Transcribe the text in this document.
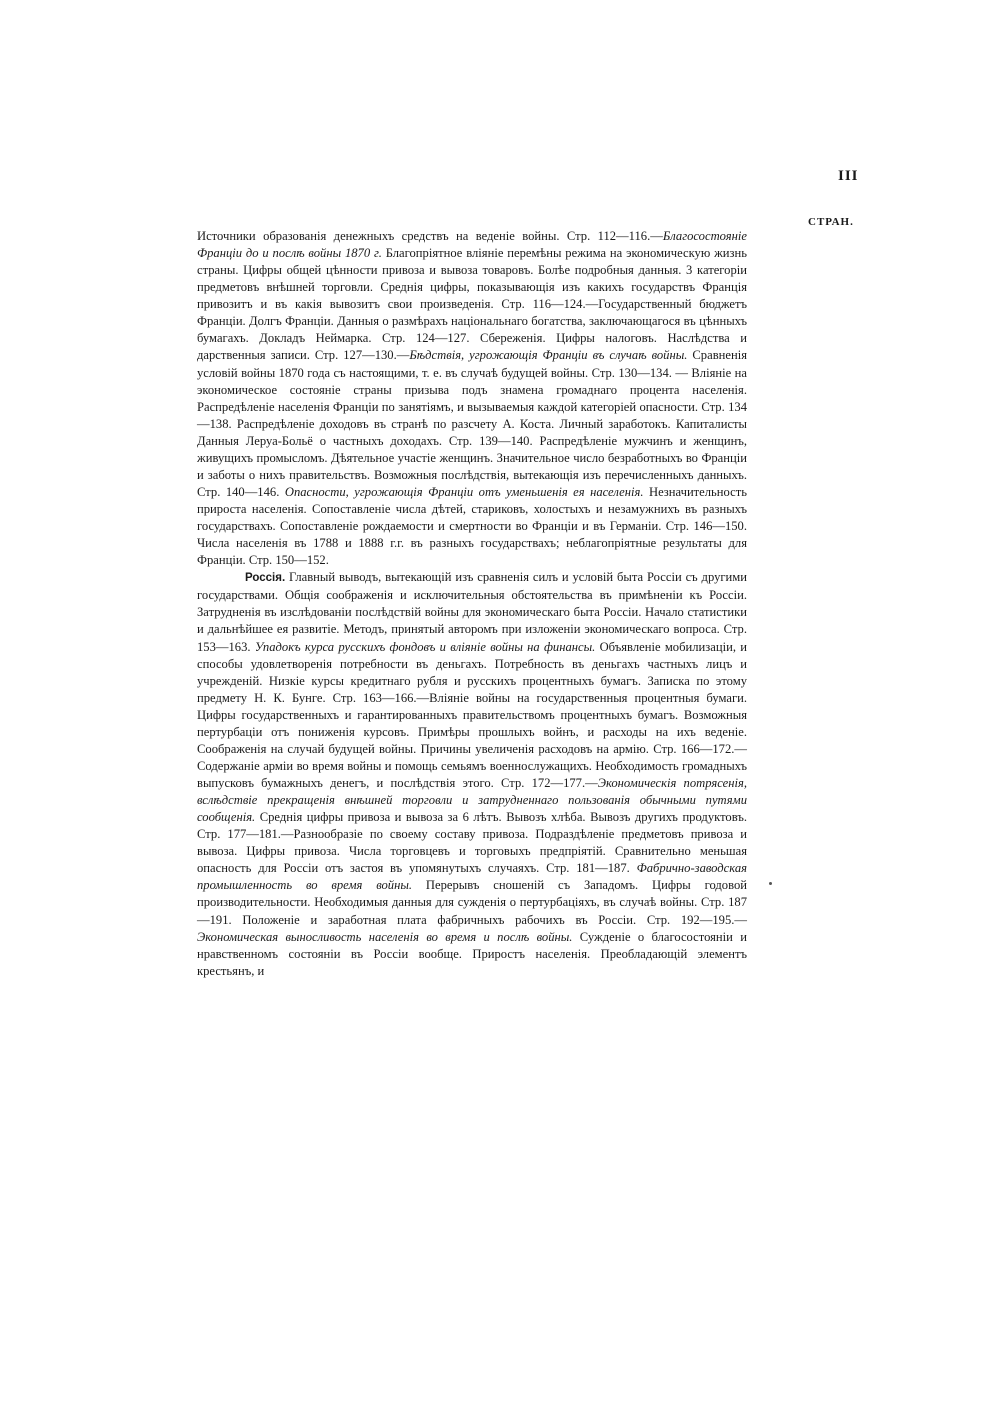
III
СТРАН.

Источники образованія денежныхъ средствъ на веденіе войны. Стр. 112—116.—Благосостояніе Франціи до и послѣ войны 1870 г. Благопріятное вліяніе перемѣны режима на экономическую жизнь страны. Цифры общей цѣнности привоза и вывоза товаровъ. Болѣе подробныя данныя. 3 категоріи предметовъ внѣшней торговли. Среднія цифры, показывающія изъ какихъ государствъ Франція привозитъ и въ какія вывозитъ свои произведенія. Стр. 116—124.—Государственный бюджетъ Франціи. Долгъ Франціи. Данныя о размѣрахъ національнаго богатства, заключающагося въ цѣнныхъ бумагахъ. Докладъ Неймарка. Стр. 124—127. Сбереженія. Цифры налоговъ. Наслѣдства и дарственныя записи. Стр. 127—130.—Бѣдствія, угрожающія Франціи въ случаѣ войны. Сравненія условій войны 1870 года съ настоящими, т. е. въ случаѣ будущей войны. Стр. 130—134. — Вліяніе на экономическое состояніе страны призыва подъ знамена громаднаго процента населенія. Распредѣленіе населенія Франціи по занятіямъ, и вызываемыя каждой категоріей опасности. Стр. 134—138. Распредѣленіе доходовъ въ странѣ по разсчету А. Коста. Личный заработокъ. Капиталисты Данныя Леруа-Больё о частныхъ доходахъ. Стр. 139—140. Распредѣленіе мужчинъ и женщинъ, живущихъ промысломъ. Дѣятельное участіе женщинъ. Значительное число безработныхъ во Франціи и заботы о нихъ правительствъ. Возможныя послѣдствія, вытекающія изъ перечисленныхъ данныхъ. Стр. 140—146. Опасности, угрожающія Франціи отъ уменьшенія ея населенія. Незначительность прироста населенія. Сопоставленіе числа дѣтей, стариковъ, холостыхъ и незамужнихъ въ разныхъ государствахъ. Сопоставленіе рождаемости и смертности во Франціи и въ Германіи. Стр. 146—150. Числа населенія въ 1788 и 1888 г.г. въ разныхъ государствахъ; неблагопріятные результаты для Франціи. Стр. 150—152.

Россія. Главный выводъ, вытекающій изъ сравненія силъ и условій быта Россіи съ другими государствами. Общія соображенія и исключительныя обстоятельства въ примѣненіи къ Россіи. Затрудненія въ изслѣдованіи послѣдствій войны для экономическаго быта Россіи. Начало статистики и дальнѣйшее ея развитіе. Методъ, принятый авторомъ при изложеніи экономическаго вопроса. Стр. 153—163. Упадокъ курса русскихъ фондовъ и вліяніе войны на финансы. Объявленіе мобилизаціи, и способы удовлетворенія потребности въ деньгахъ. Потребность въ деньгахъ частныхъ лицъ и учрежденій. Низкіе курсы кредитнаго рубля и русскихъ процентныхъ бумагъ. Записка по этому предмету Н. К. Бунге. Стр. 163—166.—Вліяніе войны на государственныя процентныя бумаги. Цифры государственныхъ и гарантированныхъ правительствомъ процентныхъ бумагъ. Возможныя пертурбаціи отъ пониженія курсовъ. Примѣры прошлыхъ войнъ, и расходы на ихъ веденіе. Соображенія на случай будущей войны. Причины увеличенія расходовъ на армію. Стр. 166—172.—Содержаніе арміи во время войны и помощь семьямъ военнослужащихъ. Необходимость громадныхъ выпусковъ бумажныхъ денегъ, и послѣдствія этого. Стр. 172—177.—Экономическія потрясенія, вслѣдствіе прекращенія внѣшней торговли и затрудненнаго пользованія обычными путями сообщенія. Среднія цифры привоза и вывоза за 6 лѣтъ. Вывозъ хлѣба. Вывозъ другихъ продуктовъ. Стр. 177—181.—Разнообразіе по своему составу привоза. Подраздѣленіе предметовъ привоза и вывоза. Цифры привоза. Числа торговцевъ и торговыхъ предпріятій. Сравнительно меньшая опасность для Россіи отъ застоя въ упомянутыхъ случаяхъ. Стр. 181—187. Фабрично-заводская промышленность во время войны. Перерывъ сношеній съ Западомъ. Цифры годовой производительности. Необходимыя данныя для сужденія о пертурбаціяхъ, въ случаѣ войны. Стр. 187—191. Положеніе и заработная плата фабричныхъ рабочихъ въ Россіи. Стр. 192—195.— Экономическая выносливость населенія во время и послѣ войны. Сужденіе о благосостояніи и нравственномъ состояніи въ Россіи вообще. Приростъ населенія. Преобладающій элементъ крестьянъ, и
